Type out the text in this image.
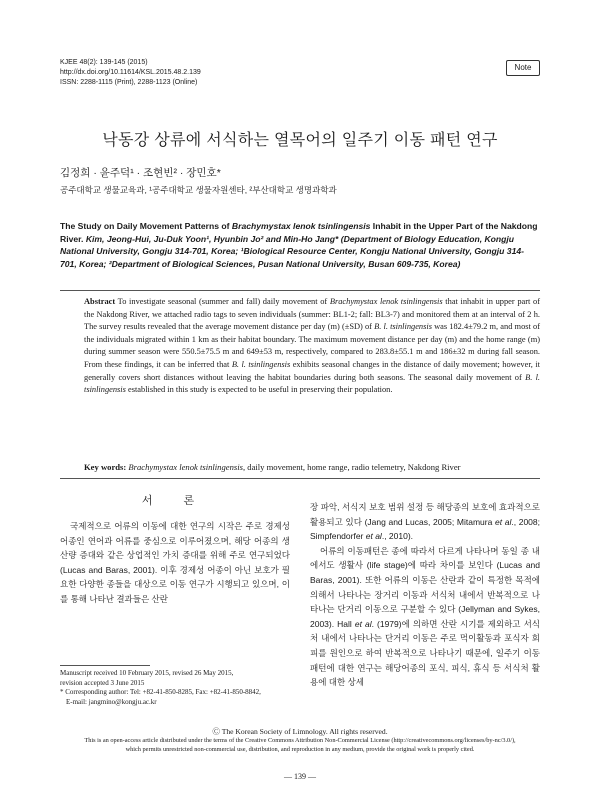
KJEE 48(2): 139-145 (2015)
http://dx.doi.org/10.11614/KSL.2015.48.2.139
ISSN: 2288-1115 (Print), 2288-1123 (Online)
Note
낙동강 상류에 서식하는 열목어의 일주기 이동 패턴 연구
김정희 · 윤주덕¹ · 조현빈² · 장민호*
공주대학교 생물교육과, ¹공주대학교 생물자원센타, ²부산대학교 생명과학과
The Study on Daily Movement Patterns of Brachymystax lenok tsinlingensis Inhabit in the Upper Part of the Nakdong River. Kim, Jeong-Hui, Ju-Duk Yoon¹, Hyunbin Jo² and Min-Ho Jang* (Department of Biology Education, Kongju National University, Gongju 314-701, Korea; ¹Biological Resource Center, Kongju National University, Gongju 314-701, Korea; ²Department of Biological Sciences, Pusan National University, Busan 609-735, Korea)
Abstract To investigate seasonal (summer and fall) daily movement of Brachymystax lenok tsinlingensis that inhabit in upper part of the Nakdong River, we attached radio tags to seven individuals (summer: BL1-2; fall: BL3-7) and monitored them at an interval of 2 h. The survey results revealed that the average movement distance per day (m) (±SD) of B. l. tsinlingensis was 182.4±79.2 m, and most of the individuals migrated within 1 km as their habitat boundary. The maximum movement distance per day (m) and the home range (m) during summer season were 550.5±75.5 m and 649±53 m, respectively, compared to 283.8±55.1 m and 186±32 m during fall season. From these findings, it can be inferred that B. l. tsinlingensis exhibits seasonal changes in the distance of daily movement; however, it generally covers short distances without leaving the habitat boundaries during both seasons. The seasonal daily movement of B. l. tsinlingensis established in this study is expected to be useful in preserving their population.
Key words: Brachymystax lenok tsinlingensis, daily movement, home range, radio telemetry, Nakdong River
서 론

국제적으로 어류의 이동에 대한 연구의 시작은 주로 경제성 어종인 연어과 어류를 중심으로 이루어졌으며, 해당 어종의 생산량 증대와 같은 상업적인 가치 증대를 위해 주로 연구되었다 (Lucas and Baras, 2001). 이후 경제성 어종이 아닌 보호가 필요한 다양한 종들을 대상으로 이동 연구가 시행되고 있으며, 이를 통해 나타난 결과들은 산란

장 파악, 서식지 보호 범위 설정 등 해당종의 보호에 효과적으로 활용되고 있다 (Jang and Lucas, 2005; Mitamura et al., 2008; Simpfendorfer et al., 2010).

어류의 이동패턴은 종에 따라서 다르게 나타나며 동일 종 내에서도 생활사 (life stage)에 따라 차이를 보인다 (Lucas and Baras, 2001). 또한 어류의 이동은 산란과 같이 특정한 목적에 의해서 나타나는 장거리 이동과 서식처 내에서 반복적으로 나타나는 단거리 이동으로 구분할 수 있다 (Jellyman and Sykes, 2003). Hall et al. (1979)에 의하면 산란 시기를 제외하고 서식처 내에서 나타나는 단거리 이동은 주로 먹이활동과 포식자 회피를 원인으로 하여 반복적으로 나타나기 때문에, 일주기 이동패턴에 대한 연구는 해당어종의 포식, 피식, 휴식 등 서식처 활용에 대한 상세

Manuscript received 10 February 2015, revised 26 May 2015,
revision accepted 3 June 2015
* Corresponding author: Tel: +82-41-850-8285, Fax: +82-41-850-8842,
E-mail: jangmino@kongju.ac.kr
Ⓒ The Korean Society of Limnology. All rights reserved.
This is an open-access article distributed under the terms of the Creative Commons Attribution Non-Commercial License (http://creativecommons.org/licenses/by-nc/3.0/),
which permits unrestricted non-commercial use, distribution, and reproduction in any medium, provide the original work is properly cited.
— 139 —
